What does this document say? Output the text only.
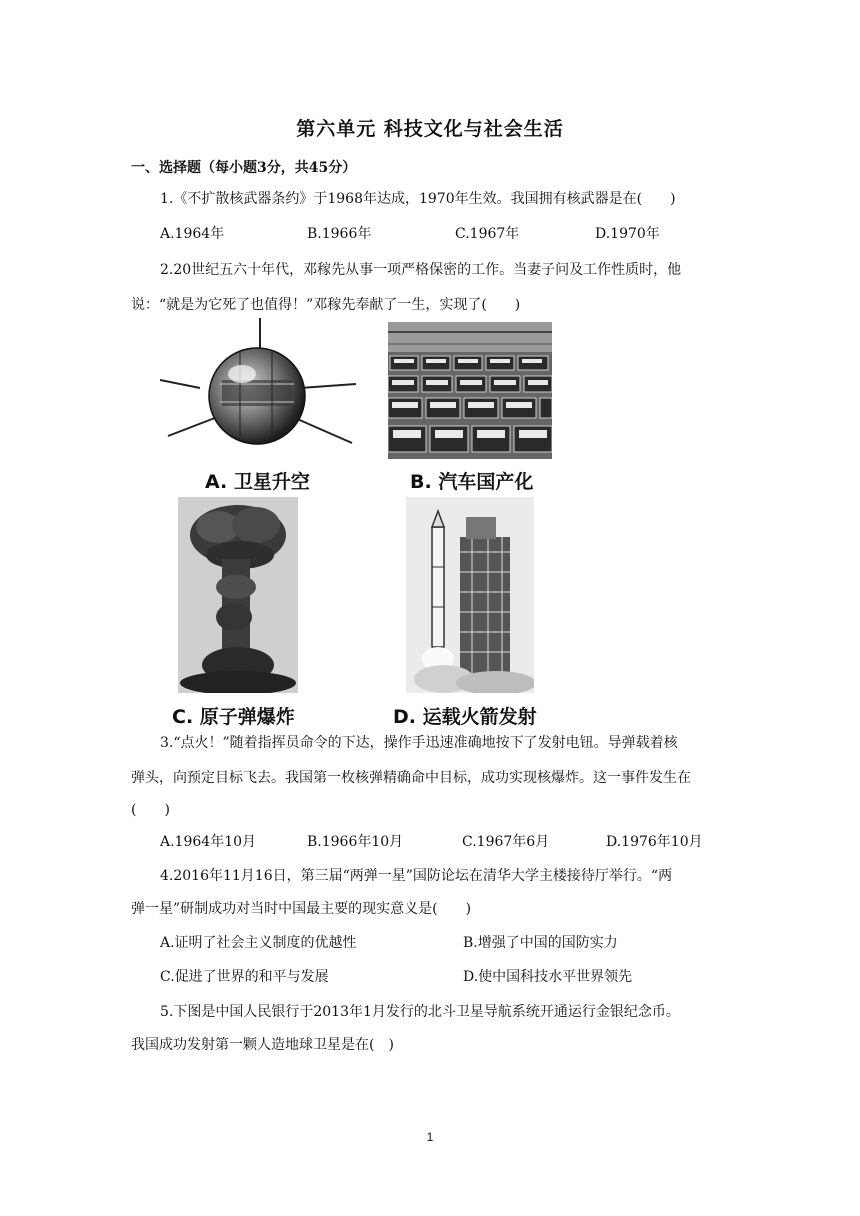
第六单元 科技文化与社会生活
一、选择题（每小题3分，共45分）
1.《不扩散核武器条约》于1968年达成，1970年生效。我国拥有核武器是在(　　)
A.1964年	B.1966年	C.1967年	D.1970年
2.20世纪五六十年代，邓稼先从事一项严格保密的工作。当妻子问及工作性质时，他
说：“就是为它死了也值得！”邓稼先奉献了一生，实现了(　　)
A. 卫星升空	B. 汽车国产化
C. 原子弹爆炸	D. 运载火箭发射
3.“点火！”随着指挥员命令的下达，操作手迅速准确地按下了发射电钮。导弹载着核
弹头，向预定目标飞去。我国第一枚核弹精确命中目标，成功实现核爆炸。这一事件发生在
(　　)
A.1964年10月	B.1966年10月	C.1967年6月	D.1976年10月
4.2016年11月16日，第三届“两弹一星”国防论坛在清华大学主楼接待厅举行。“两
弹一星”研制成功对当时中国最主要的现实意义是(　　)
A.证明了社会主义制度的优越性	B.增强了中国的国防实力
C.促进了世界的和平与发展	D.使中国科技水平世界领先
5.下图是中国人民银行于2013年1月发行的北斗卫星导航系统开通运行金银纪念币。
我国成功发射第一颗人造地球卫星是在(　)
1
